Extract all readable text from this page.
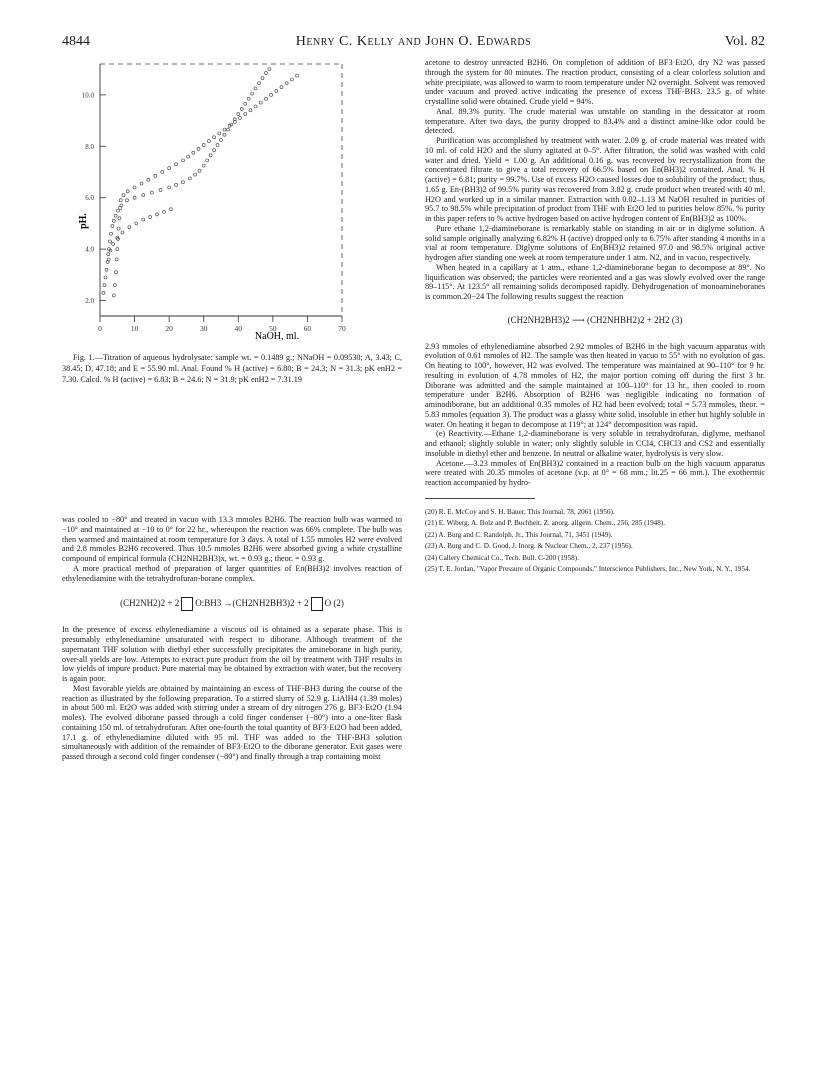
4844	Henry C. Kelly and John O. Edwards	Vol. 82
0	10	20	30	40	50	60	70
2.0
4.0
6.0
8.0
10.0
pH.
NaOH, ml.

Fig. 1.—Titration of aqueous hydrolysate: sample wt. = 0.1489 g.; NNaOH = 0.09530; A, 3.43; C, 38.45; D, 47.18; and E = 55.90 ml. Anal. Found % H (active) = 6.80; B = 24.3; N = 31.3; pK enH2 = 7.30. Calcd. % H (active) = 6.83; B = 24.6; N = 31.9; pK enH2 = 7.31.19

was cooled to −80° and treated in vacuo with 13.3 mmoles B2H6. The reaction bulb was warmed to −10° and maintained at −10 to 0° for 22 hr., whereupon the reaction was 66% complete. The bulb was then warmed and maintained at room temperature for 3 days. A total of 1.55 mmoles H2 were evolved and 2.8 mmoles B2H6 recovered. Thus 10.5 mmoles B2H6 were absorbed giving a white crystalline compound of empirical formula (CH2NH2BH3)x, wt. = 0.93 g.; theor. = 0.93 g.

A more practical method of preparation of larger quantities of En(BH3)2 involves reaction of ethylenediamine with the tetrahydrofuran-borane complex.

(CH2NH2)2 + 2 O:BH3 →(CH2NH2BH3)2 + 2 O (2)

In the presence of excess ethylenediamine a viscous oil is obtained as a separate phase. This is presumably ethylenediamine unsaturated with respect to diborane. Although treatment of the supernatant THF solution with diethyl ether successfully precipitates the amineborane in high purity, over-all yields are low. Attempts to extract pure product from the oil by treatment with THF results in low yields of impure product. Pure material may be obtained by extraction with water, but the recovery is again poor.

Most favorable yields are obtained by maintaining an excess of THF-BH3 during the course of the reaction as illustrated by the following preparation. To a stirred slurry of 52.9 g. LiAlH4 (1.39 moles) in about 500 ml. Et2O was added with stirring under a stream of dry nitrogen 276 g. BF3·Et2O (1.94 moles). The evolved diborane passed through a cold finger condenser (−80°) into a one-liter flask containing 150 ml. of tetrahydrofuran. After one-fourth the total quantity of BF3·Et2O had been added, 17.1 g. of ethylenediamine diluted with 95 ml. THF was added to the THF-BH3 solution simultaneously with addition of the remainder of BF3·Et2O to the diborane generator. Exit gases were passed through a second cold finger condenser (−80°) and finally through a trap containing moist

acetone to destroy unreacted B2H6. On completion of addition of BF3·Et2O, dry N2 was passed through the system for 80 minutes. The reaction product, consisting of a clear colorless solution and white precipitate, was allowed to warm to room temperature under N2 overnight. Solvent was removed under vacuum and proved active indicating the presence of excess THF-BH3. 23.5 g. of white crystalline solid were obtained. Crude yield = 94%.

Anal. 89.3% purity. The crude material was unstable on standing in the dessicator at room temperature. After two days, the purity dropped to 83.4% and a distinct amine-like odor could be detected.

Purification was accomplished by treatment with water. 2.09 g. of crude material was treated with 10 ml. of cold H2O and the slurry agitated at 0–5°. After filtration, the solid was washed with cold water and dried. Yield = 1.00 g. An additional 0.16 g. was recovered by recrystallization from the concentrated filtrate to give a total recovery of 66.5% based on En(BH3)2 contained. Anal. % H (active) = 6.81; purity = 99.7%. Use of excess H2O caused losses due to solubility of the product; thus, 1.65 g. En-(BH3)2 of 99.5% purity was recovered from 3.82 g. crude product when treated with 40 ml. H2O and worked up in a similar manner. Extraction with 0.02–1.13 M NaOH resulted in purities of 95.7 to 98.5% while precipitation of product from THF with Et2O led to purities below 85%. % purity in this paper refers to % active hydrogen based on active hydrogen content of En(BH3)2 as 100%.

Pure ethane 1,2-diamineborane is remarkably stable on standing in air or in diglyme solution. A solid sample originally analyzing 6.82% H (active) dropped only to 6.75% after standing 4 months in a vial at room temperature. Diglyme solutions of En(BH3)2 retained 97.0 and 98.5% original active hydrogen after standing one week at room temperature under 1 atm. N2, and in vacuo, respectively.

When heated in a capillary at 1 atm., ethane 1,2-diamineborane began to decompose at 89°. No liquification was observed; the particles were reoriented and a gas was slowly evolved over the range 89–115°. At 123.5° all remaining solids decomposed rapidly. Dehydrogenation of monoamineboranes is common.20−24 The following results suggest the reaction

(CH2NH2BH3)2 ⟶ (CH2NHBH2)2 + 2H2 (3)

2.93 mmoles of ethylenediamine absorbed 2.92 mmoles of B2H6 in the high vacuum apparatus with evolution of 0.61 mmoles of H2. The sample was then heated in vacuo to 55° with no evolution of gas. On heating to 100°, however, H2 was evolved. The temperature was maintained at 90–110° for 9 hr. resulting in evolution of 4.78 mmoles of H2, the major portion coming off during the first 3 hr. Diborane was admitted and the sample maintained at 100–110° for 13 hr., then cooled to room temperature under B2H6. Absorption of B2H6 was negligible indicating no formation of aminodiborane, but an additional 0.35 mmoles of H2 had been evolved; total = 5.73 mmoles, theor. = 5.83 mmoles (equation 3). The product was a glassy white solid, insoluble in ether but highly soluble in water. On heating it began to decompose at 119°; at 124° decomposition was rapid.

(e) Reactivity.—Ethane 1,2-diamineborane is very soluble in tetrahydrofuran, diglyme, methanol and ethanol; slightly soluble in water; only slightly soluble in CCl4, CHCl3 and CS2 and essentially insoluble in diethyl ether and benzene. In neutral or alkaline water, hydrolysis is very slow.

Acetone.—3.23 mmoles of En(BH3)2 contained in a reaction bulb on the high vacuum apparatus were treated with 20.35 mmoles of acetone (v.p. at 0° = 68 mm.; lit.25 = 66 mm.). The exothermic reaction accompanied by hydro-

(20) R. E. McCoy and S. H. Bauer, This Journal, 78, 2061 (1956).
(21) E. Wiberg, A. Bolz and P. Buchheit, Z. anorg. allgem. Chem., 256, 285 (1948).
(22) A. Burg and C. Randolph, Jr., This Journal, 71, 3451 (1949).
(23) A. Burg and C. D. Good, J. Inorg. & Nuclear Chem., 2, 237 (1956).
(24) Callery Chemical Co., Tech. Bull. C-200 (1958).
(25) T. E. Jordan, "Vapor Pressure of Organic Compounds," Interscience Publishers, Inc., New York, N. Y., 1954.
